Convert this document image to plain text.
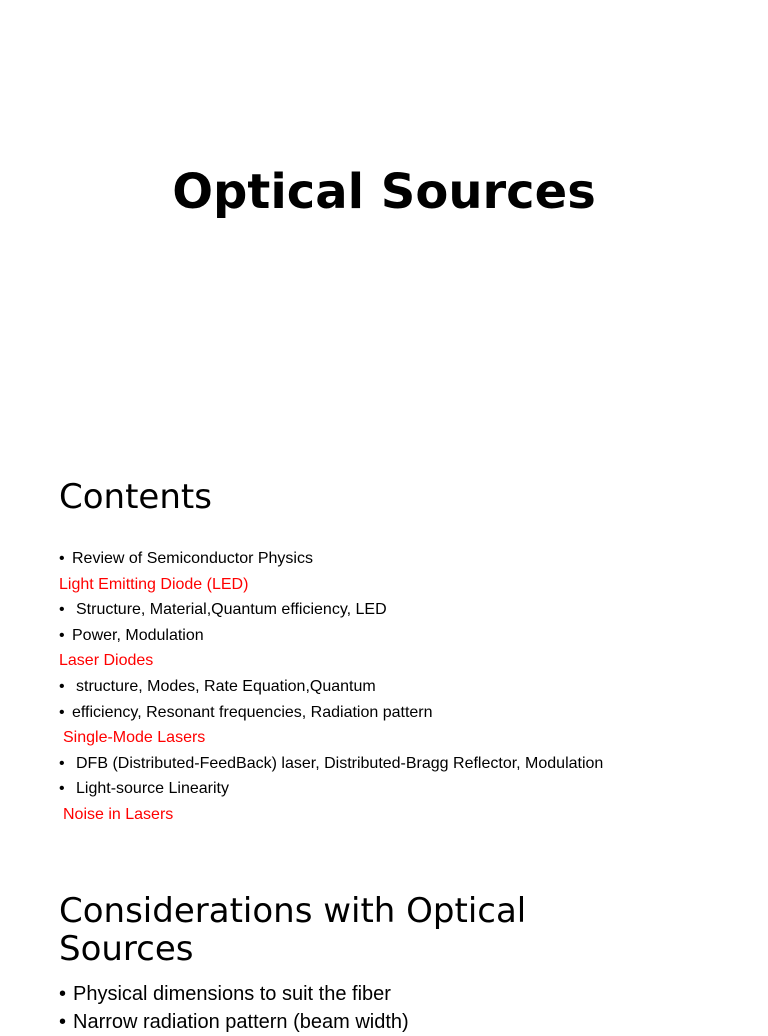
Optical Sources
Contents
• Review of Semiconductor Physics
Light Emitting Diode (LED)
• Structure, Material,Quantum efficiency, LED
• Power, Modulation
Laser Diodes
• structure, Modes, Rate Equation,Quantum
• efficiency, Resonant frequencies, Radiation pattern
Single-Mode Lasers
• DFB (Distributed-FeedBack) laser, Distributed-Bragg Reflector, Modulation
• Light-source Linearity
Noise in Lasers
Considerations with Optical Sources
• Physical dimensions to suit the fiber
• Narrow radiation pattern (beam width)
